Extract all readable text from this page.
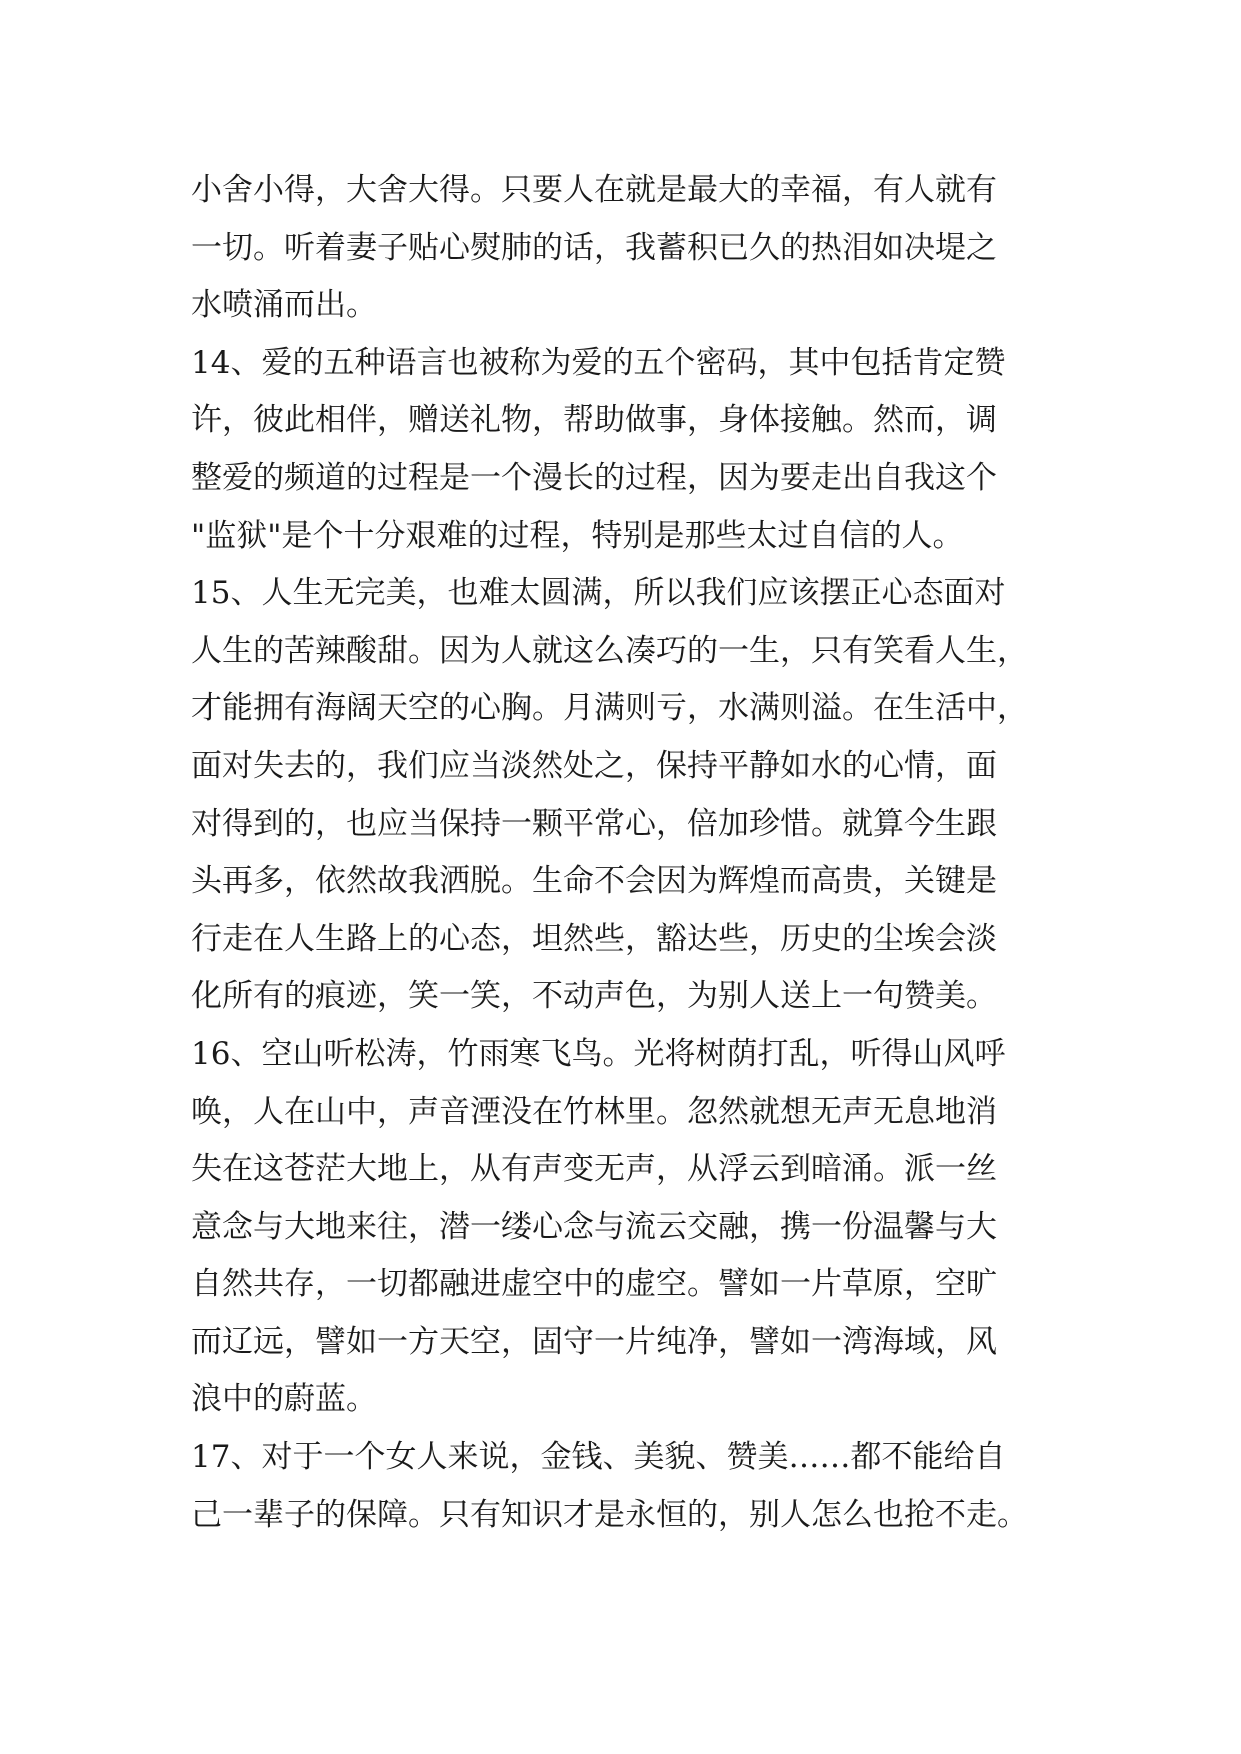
小舍小得，大舍大得。只要人在就是最大的幸福，有人就有
一切。听着妻子贴心熨肺的话，我蓄积已久的热泪如决堤之
水喷涌而出。
14、爱的五种语言也被称为爱的五个密码，其中包括肯定赞
许，彼此相伴，赠送礼物，帮助做事，身体接触。然而，调
整爱的频道的过程是一个漫长的过程，因为要走出自我这个
"监狱"是个十分艰难的过程，特别是那些太过自信的人。
15、人生无完美，也难太圆满，所以我们应该摆正心态面对
人生的苦辣酸甜。因为人就这么凑巧的一生，只有笑看人生，
才能拥有海阔天空的心胸。月满则亏，水满则溢。在生活中，
面对失去的，我们应当淡然处之，保持平静如水的心情，面
对得到的，也应当保持一颗平常心，倍加珍惜。就算今生跟
头再多，依然故我洒脱。生命不会因为辉煌而高贵，关键是
行走在人生路上的心态，坦然些，豁达些，历史的尘埃会淡
化所有的痕迹，笑一笑，不动声色，为别人送上一句赞美。
16、空山听松涛，竹雨寒飞鸟。光将树荫打乱，听得山风呼
唤，人在山中，声音湮没在竹林里。忽然就想无声无息地消
失在这苍茫大地上，从有声变无声，从浮云到暗涌。派一丝
意念与大地来往，潜一缕心念与流云交融，携一份温馨与大
自然共存，一切都融进虚空中的虚空。譬如一片草原，空旷
而辽远，譬如一方天空，固守一片纯净，譬如一湾海域，风
浪中的蔚蓝。
17、对于一个女人来说，金钱、美貌、赞美……都不能给自
己一辈子的保障。只有知识才是永恒的，别人怎么也抢不走。
